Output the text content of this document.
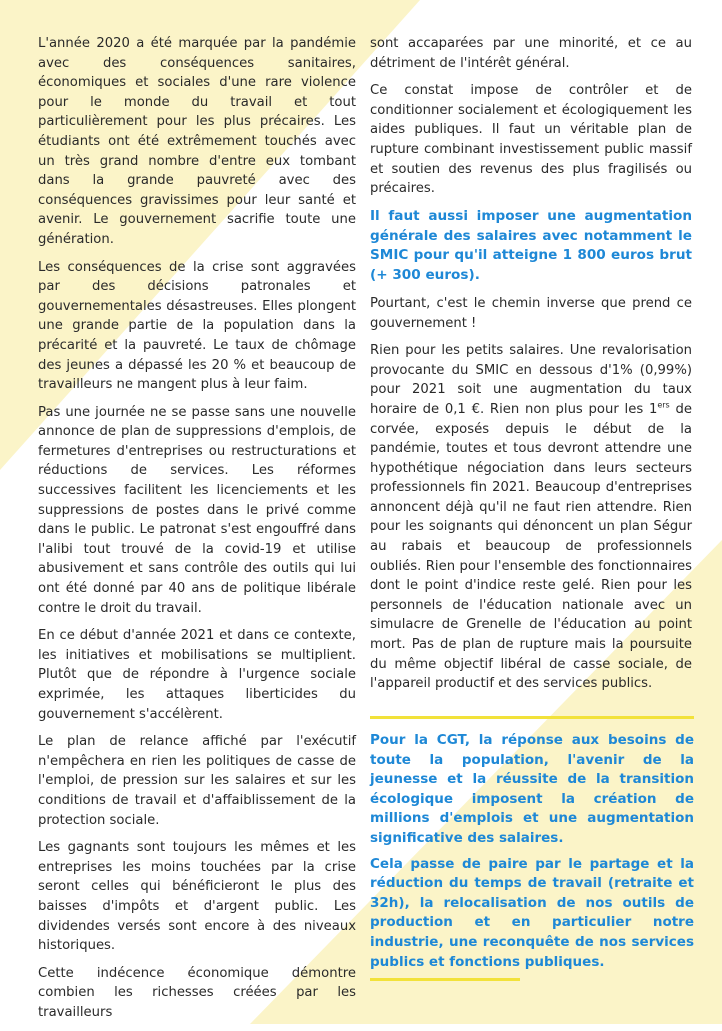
L'année 2020 a été marquée par la pandémie avec des conséquences sanitaires, économiques et sociales d'une rare violence pour le monde du travail et tout particulièrement pour les plus précaires. Les étudiants ont été extrêmement touchés avec un très grand nombre d'entre eux tombant dans la grande pauvreté avec des conséquences gravissimes pour leur santé et avenir. Le gouvernement sacrifie toute une génération.

Les conséquences de la crise sont aggravées par des décisions patronales et gouvernementales désastreuses. Elles plongent une grande partie de la population dans la précarité et la pauvreté. Le taux de chômage des jeunes a dépassé les 20 % et beaucoup de travailleurs ne mangent plus à leur faim.

Pas une journée ne se passe sans une nouvelle annonce de plan de suppressions d'emplois, de fermetures d'entreprises ou restructurations et réductions de services. Les réformes successives facilitent les licenciements et les suppressions de postes dans le privé comme dans le public. Le patronat s'est engouffré dans l'alibi tout trouvé de la covid-19 et utilise abusivement et sans contrôle des outils qui lui ont été donné par 40 ans de politique libérale contre le droit du travail.

En ce début d'année 2021 et dans ce contexte, les initiatives et mobilisations se multiplient. Plutôt que de répondre à l'urgence sociale exprimée, les attaques liberticides du gouvernement s'accélèrent.

Le plan de relance affiché par l'exécutif n'empêchera en rien les politiques de casse de l'emploi, de pression sur les salaires et sur les conditions de travail et d'affaiblissement de la protection sociale.

Les gagnants sont toujours les mêmes et les entreprises les moins touchées par la crise seront celles qui bénéficieront le plus des baisses d'impôts et d'argent public. Les dividendes versés sont encore à des niveaux historiques.

Cette indécence économique démontre combien les richesses créées par les travailleurs

sont accaparées par une minorité, et ce au détriment de l'intérêt général.

Ce constat impose de contrôler et de conditionner socialement et écologiquement les aides publiques. Il faut un véritable plan de rupture combinant investissement public massif et soutien des revenus des plus fragilisés ou précaires.

Il faut aussi imposer une augmentation générale des salaires avec notamment le SMIC pour qu'il atteigne 1 800 euros brut (+ 300 euros).

Pourtant, c'est le chemin inverse que prend ce gouvernement !

Rien pour les petits salaires. Une revalorisation provocante du SMIC en dessous d'1% (0,99%) pour 2021 soit une augmentation du taux horaire de 0,1 €. Rien non plus pour les 1ers de corvée, exposés depuis le début de la pandémie, toutes et tous devront attendre une hypothétique négociation dans leurs secteurs professionnels fin 2021. Beaucoup d'entreprises annoncent déjà qu'il ne faut rien attendre. Rien pour les soignants qui dénoncent un plan Ségur au rabais et beaucoup de professionnels oubliés. Rien pour l'ensemble des fonctionnaires dont le point d'indice reste gelé. Rien pour les personnels de l'éducation nationale avec un simulacre de Grenelle de l'éducation au point mort. Pas de plan de rupture mais la poursuite du même objectif libéral de casse sociale, de l'appareil productif et des services publics.

Pour la CGT, la réponse aux besoins de toute la population, l'avenir de la jeunesse et la réussite de la transition écologique imposent la création de millions d'emplois et une augmentation significative des salaires.

Cela passe de paire par le partage et la réduction du temps de travail (retraite et 32h), la relocalisation de nos outils de production et en particulier notre industrie, une reconquête de nos services publics et fonctions publiques.
